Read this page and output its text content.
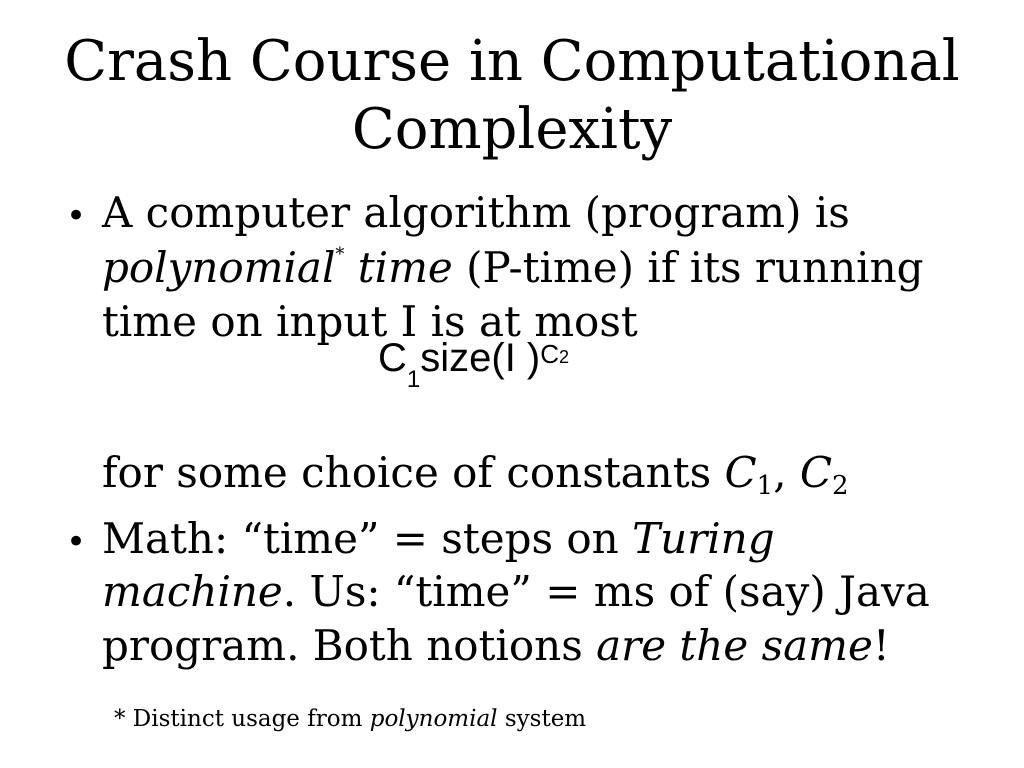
Crash Course in Computational
Complexity
• A computer algorithm (program) is
polynomial* time (P-time) if its running
time on input I is at most
$C_1size(I$ )$^{C2}$
for some choice of constants $C_1$, $C_2$
• Math: “time” = steps on Turing
machine. Us: “time” = ms of (say) Java
program. Both notions are the same!
* Distinct usage from polynomial system
